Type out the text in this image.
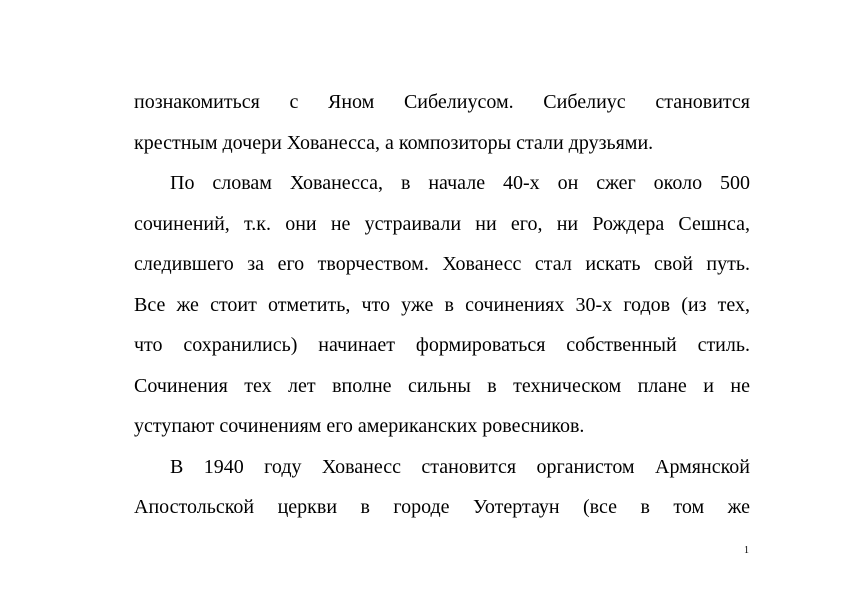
познакомиться с Яном Сибелиусом. Сибелиус становится
крестным дочери Хованесса, а композиторы стали друзьями.
По словам Хованесса, в начале 40-х он сжег около 500
сочинений, т.к. они не устраивали ни его, ни Рождера Сешнса,
следившего за его творчеством. Хованесс стал искать свой путь.
Все же стоит отметить, что уже в сочинениях 30-х годов (из тех,
что сохранились) начинает формироваться собственный стиль.
Сочинения тех лет вполне сильны в техническом плане и не
уступают сочинениям его американских ровесников.
В 1940 году Хованесс становится органистом Армянской
Апостольской церкви в городе Уотертаун (все в том же
1
